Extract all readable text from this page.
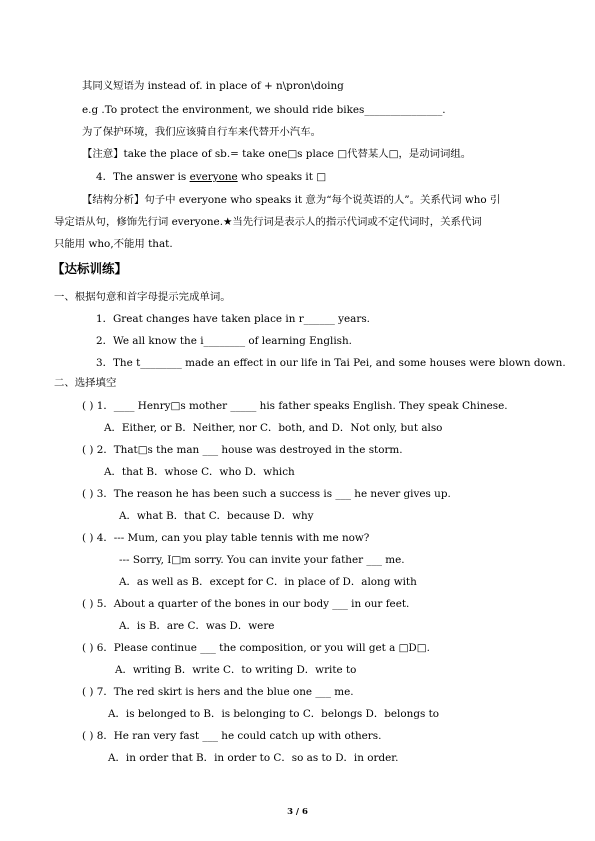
其同义短语为 instead of. in place of + n\pron\doing
e.g .To protect the environment, we should ride bikes_______________.
为了保护环境，我们应该骑自行车来代替开小汽车。
【注意】take the place of sb.= take one□s place □代替某人□，是动词词组。
4．The answer is everyone who speaks it □
【结构分析】句子中 everyone who speaks it 意为“每个说英语的人”。关系代词 who 引
导定语从句，修饰先行词 everyone.★当先行词是表示人的指示代词或不定代词时，关系代词
只能用 who,不能用 that.
【达标训练】
一、根据句意和首字母提示完成单词。
1．Great changes have taken place in r______ years.
2．We all know the i________ of learning English.
3．The t________ made an effect in our life in Tai Pei, and some houses were blown down.
二、选择填空
( ) 1．____ Henry□s mother _____ his father speaks English. They speak Chinese.
A．Either, or B．Neither, nor C．both, and D．Not only, but also
( ) 2．That□s the man ___ house was destroyed in the storm.
A．that B．whose C．who D．which
( ) 3．The reason he has been such a success is ___ he never gives up.
A．what B．that C．because D．why
( ) 4．--- Mum, can you play table tennis with me now?
--- Sorry, I□m sorry. You can invite your father ___ me.
A．as well as B．except for C．in place of D．along with
( ) 5．About a quarter of the bones in our body ___ in our feet.
A．is B．are C．was D．were
( ) 6．Please continue ___ the composition, or you will get a □D□.
A．writing B．write C．to writing D．write to
( ) 7．The red skirt is hers and the blue one ___ me.
A．is belonged to B．is belonging to C．belongs D．belongs to
( ) 8．He ran very fast ___ he could catch up with others.
A．in order that B．in order to C．so as to D．in order.
3 / 6
